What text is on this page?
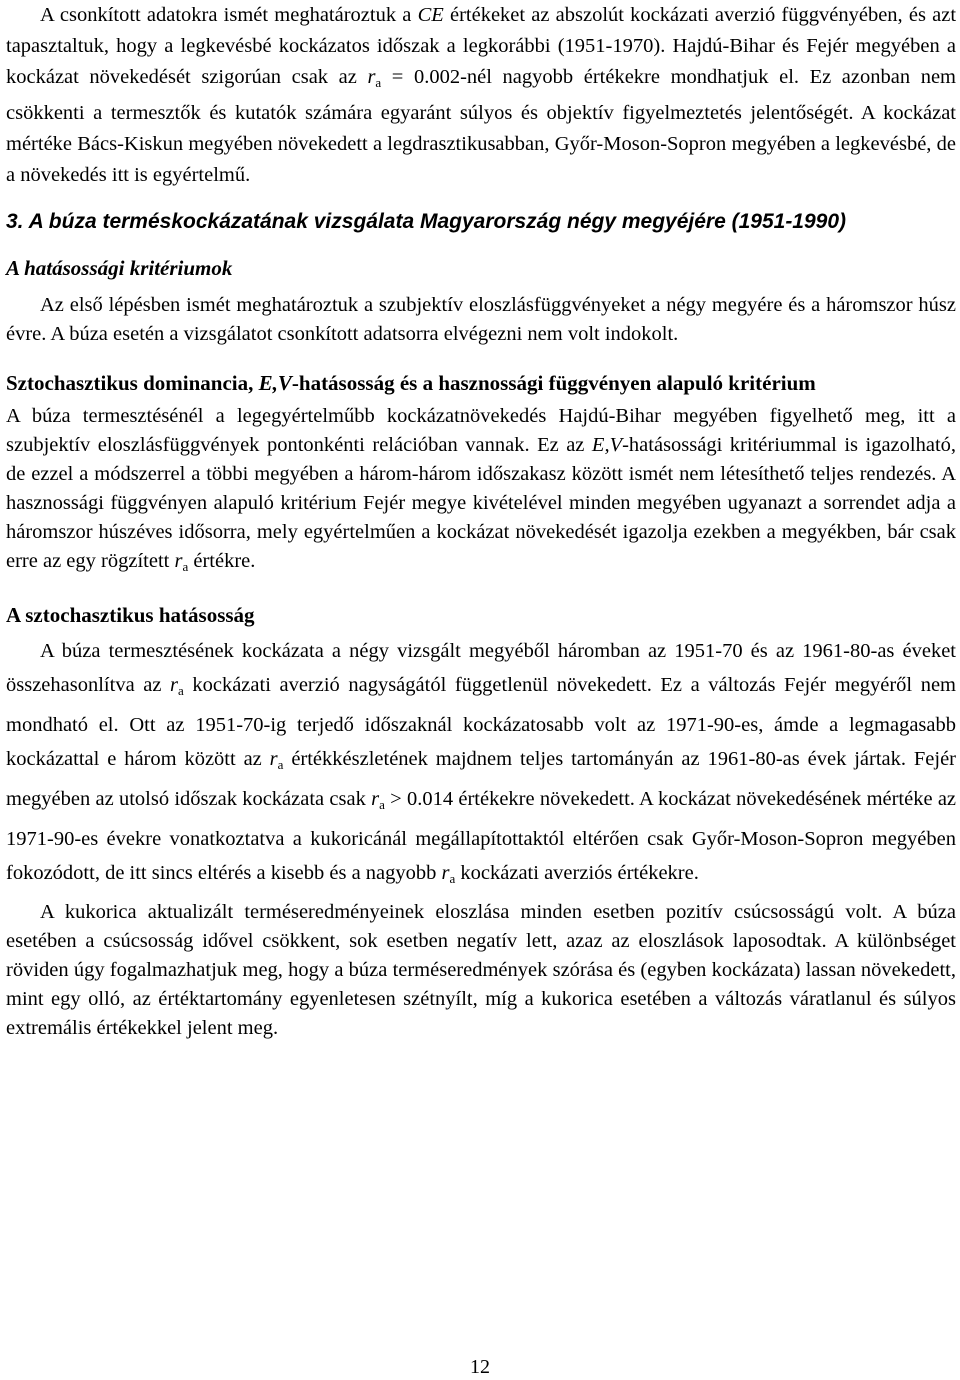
A csonkított adatokra ismét meghatároztuk a CE értékeket az abszolút kockázati averzió függvényében, és azt tapasztaltuk, hogy a legkevésbé kockázatos időszak a legkorábbi (1951-1970). Hajdú-Bihar és Fejér megyében a kockázat növekedését szigorúan csak az $r_a$ = 0.002-nél nagyobb értékekre mondhatjuk el. Ez azonban nem csökkenti a termesztők és kutatók számára egyaránt súlyos és objektív figyelmeztetés jelentőségét. A kockázat mértéke Bács-Kiskun megyében növekedett a legdrasztikusabban, Győr-Moson-Sopron megyében a legkevésbé, de a növekedés itt is egyértelmű.

3. A búza terméskockázatának vizsgálata Magyarország négy megyéjére (1951-1990)

A hatásossági kritériumok

Az első lépésben ismét meghatároztuk a szubjektív eloszlásfüggvényeket a négy megyére és a háromszor húsz évre. A búza esetén a vizsgálatot csonkított adatsorra elvégezni nem volt indokolt.

Sztochasztikus dominancia, E,V-hatásosság és a hasznossági függvényen alapuló kritérium

A búza termesztésénél a legegyértelműbb kockázatnövekedés Hajdú-Bihar megyében figyelhető meg, itt a szubjektív eloszlásfüggvények pontonkénti relációban vannak. Ez az E,V-hatásossági kritériummal is igazolható, de ezzel a módszerrel a többi megyében a három-három időszakasz között ismét nem létesíthető teljes rendezés. A hasznossági függvényen alapuló kritérium Fejér megye kivételével minden megyében ugyanazt a sorrendet adja a háromszor húszéves idősorra, mely egyértelműen a kockázat növekedését igazolja ezekben a megyékben, bár csak erre az egy rögzített $r_a$ értékre.

A sztochasztikus hatásosság

A búza termesztésének kockázata a négy vizsgált megyéből háromban az 1951-70 és az 1961-80-as éveket összehasonlítva az $r_a$ kockázati averzió nagyságától függetlenül növekedett. Ez a változás Fejér megyéről nem mondható el. Ott az 1951-70-ig terjedő időszaknál kockázatosabb volt az 1971-90-es, ámde a legmagasabb kockázattal e három között az $r_a$ értékkészletének majdnem teljes tartományán az 1961-80-as évek jártak. Fejér megyében az utolsó időszak kockázata csak $r_a > 0.014$ értékekre növekedett. A kockázat növekedésének mértéke az 1971-90-es évekre vonatkoztatva a kukoricánál megállapítottaktól eltérően csak Győr-Moson-Sopron megyében fokozódott, de itt sincs eltérés a kisebb és a nagyobb $r_a$ kockázati averziós értékekre.

A kukorica aktualizált terméseredményeinek eloszlása minden esetben pozitív csúcsosságú volt. A búza esetében a csúcsosság idővel csökkent, sok esetben negatív lett, azaz az eloszlások laposodtak. A különbséget röviden úgy fogalmazhatjuk meg, hogy a búza terméseredmények szórása és (egyben kockázata) lassan növekedett, mint egy olló, az értéktartomány egyenletesen szétnyílt, míg a kukorica esetében a változás váratlanul és súlyos extremális értékekkel jelent meg.

12
